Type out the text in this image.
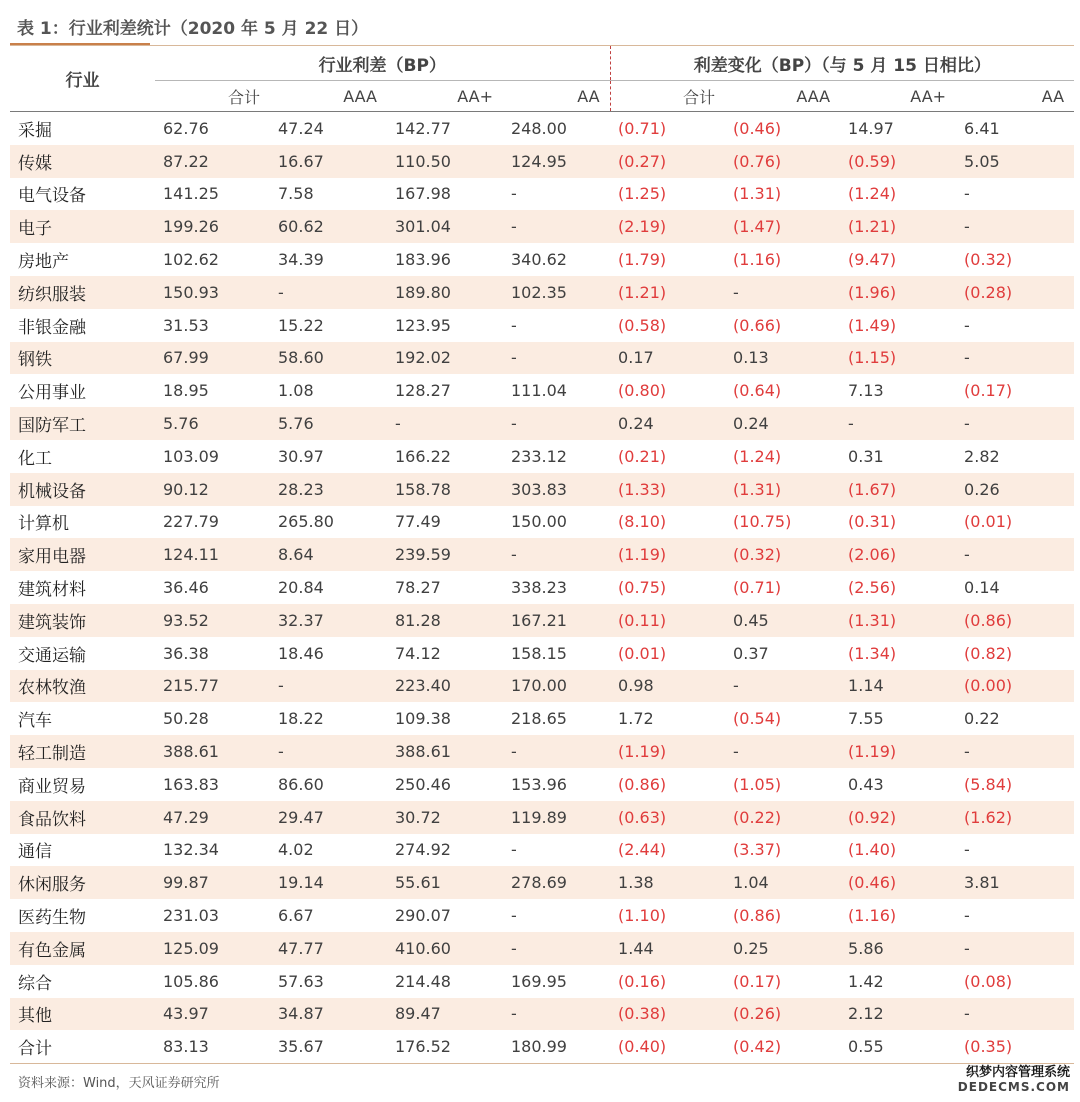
表 1：行业利差统计（2020 年 5 月 22 日）
行业	行业利差（BP）				利差变化（BP）（与 5 月 15 日相比）			
	合计	AAA	AA+	AA	合计	AAA	AA+	AA

采掘	62.76	47.24	142.77	248.00	(0.71)	(0.46)	14.97	6.41
传媒	87.22	16.67	110.50	124.95	(0.27)	(0.76)	(0.59)	5.05
电气设备	141.25	7.58	167.98	-	(1.25)	(1.31)	(1.24)	-
电子	199.26	60.62	301.04	-	(2.19)	(1.47)	(1.21)	-
房地产	102.62	34.39	183.96	340.62	(1.79)	(1.16)	(9.47)	(0.32)
纺织服装	150.93	-	189.80	102.35	(1.21)	-	(1.96)	(0.28)
非银金融	31.53	15.22	123.95	-	(0.58)	(0.66)	(1.49)	-
钢铁	67.99	58.60	192.02	-	0.17	0.13	(1.15)	-
公用事业	18.95	1.08	128.27	111.04	(0.80)	(0.64)	7.13	(0.17)
国防军工	5.76	5.76	-	-	0.24	0.24	-	-
化工	103.09	30.97	166.22	233.12	(0.21)	(1.24)	0.31	2.82
机械设备	90.12	28.23	158.78	303.83	(1.33)	(1.31)	(1.67)	0.26
计算机	227.79	265.80	77.49	150.00	(8.10)	(10.75)	(0.31)	(0.01)
家用电器	124.11	8.64	239.59	-	(1.19)	(0.32)	(2.06)	-
建筑材料	36.46	20.84	78.27	338.23	(0.75)	(0.71)	(2.56)	0.14
建筑装饰	93.52	32.37	81.28	167.21	(0.11)	0.45	(1.31)	(0.86)
交通运输	36.38	18.46	74.12	158.15	(0.01)	0.37	(1.34)	(0.82)
农林牧渔	215.77	-	223.40	170.00	0.98	-	1.14	(0.00)
汽车	50.28	18.22	109.38	218.65	1.72	(0.54)	7.55	0.22
轻工制造	388.61	-	388.61	-	(1.19)	-	(1.19)	-
商业贸易	163.83	86.60	250.46	153.96	(0.86)	(1.05)	0.43	(5.84)
食品饮料	47.29	29.47	30.72	119.89	(0.63)	(0.22)	(0.92)	(1.62)
通信	132.34	4.02	274.92	-	(2.44)	(3.37)	(1.40)	-
休闲服务	99.87	19.14	55.61	278.69	1.38	1.04	(0.46)	3.81
医药生物	231.03	6.67	290.07	-	(1.10)	(0.86)	(1.16)	-
有色金属	125.09	47.77	410.60	-	1.44	0.25	5.86	-
综合	105.86	57.63	214.48	169.95	(0.16)	(0.17)	1.42	(0.08)
其他	43.97	34.87	89.47	-	(0.38)	(0.26)	2.12	-
合计	83.13	35.67	176.52	180.99	(0.40)	(0.42)	0.55	(0.35)
资料来源：Wind，天风证券研究所
织梦内容管理系统
DEDECMS.COM
